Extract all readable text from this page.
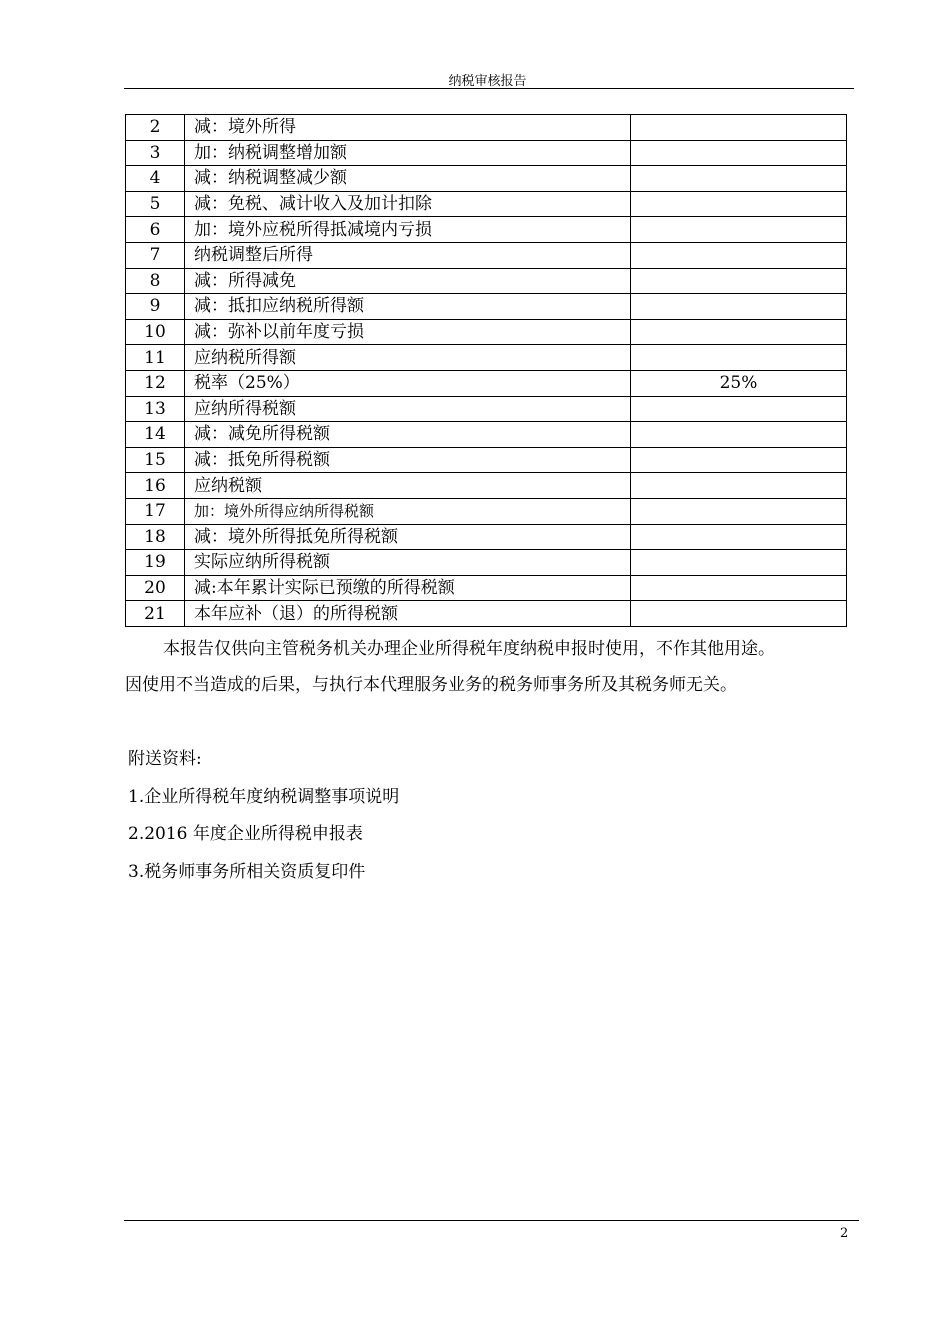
纳税审核报告
2	减：境外所得	
3	加：纳税调整增加额	
4	减：纳税调整减少额	
5	减：免税、减计收入及加计扣除	
6	加：境外应税所得抵减境内亏损	
7	纳税调整后所得	
8	减：所得减免	
9	减：抵扣应纳税所得额	
10	减：弥补以前年度亏损	
11	应纳税所得额	
12	税率（25%）	25%
13	应纳所得税额	
14	减：减免所得税额	
15	减：抵免所得税额	
16	应纳税额	
17	加：境外所得应纳所得税额	
18	减：境外所得抵免所得税额	
19	实际应纳所得税额	
20	减:本年累计实际已预缴的所得税额	
21	本年应补（退）的所得税额	

本报告仅供向主管税务机关办理企业所得税年度纳税申报时使用，不作其他用途。

因使用不当造成的后果，与执行本代理服务业务的税务师事务所及其税务师无关。

附送资料:
1.企业所得税年度纳税调整事项说明
2.2016 年度企业所得税申报表
3.税务师事务所相关资质复印件
2
